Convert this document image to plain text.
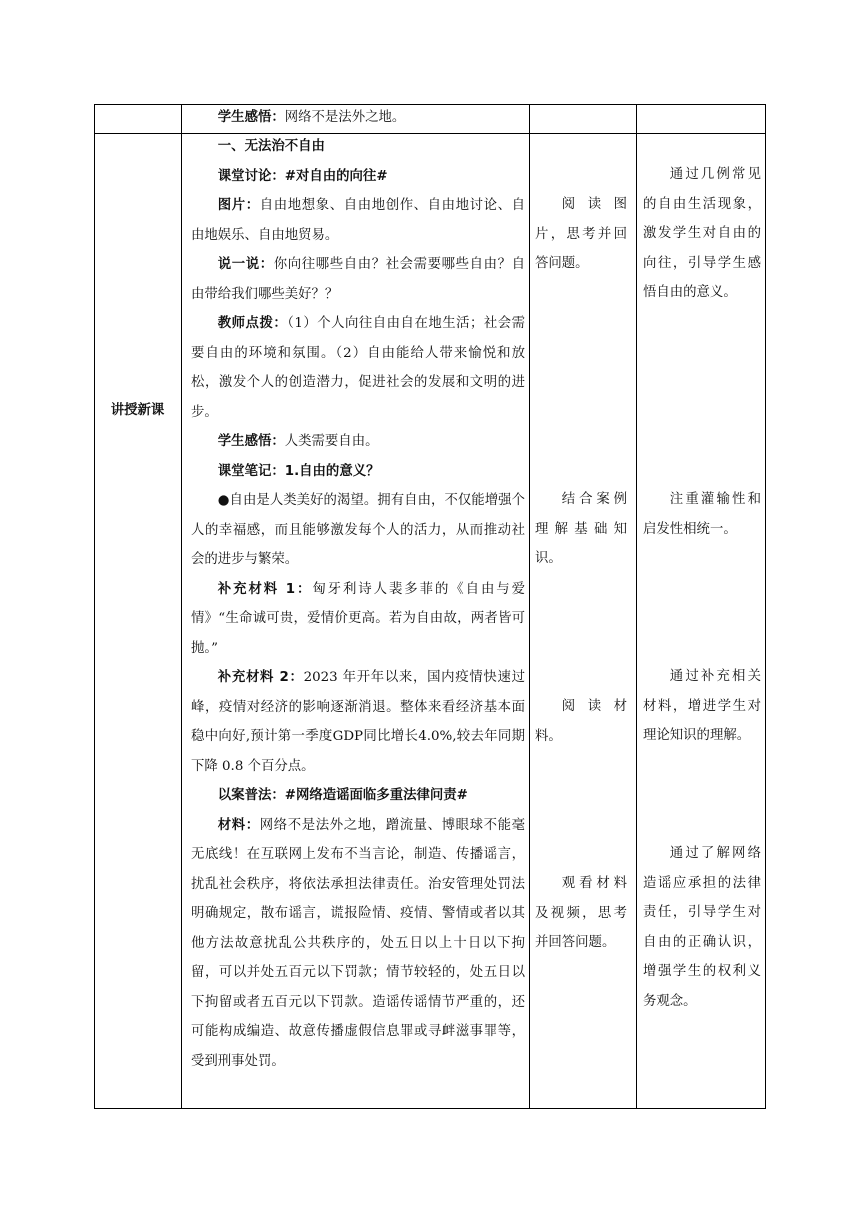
学生感悟：网络不是法外之地。

讲授新课

一、无法治不自由

课堂讨论：#对自由的向往#

图片：自由地想象、自由地创作、自由地讨论、自由地娱乐、自由地贸易。

说一说：你向往哪些自由？社会需要哪些自由？自由带给我们哪些美好？？

教师点拨：（1）个人向往自由自在地生活；社会需要自由的环境和氛围。（2）自由能给人带来愉悦和放松，激发个人的创造潜力，促进社会的发展和文明的进步。

学生感悟：人类需要自由。

课堂笔记：1.自由的意义？

●自由是人类美好的渴望。拥有自由，不仅能增强个人的幸福感，而且能够激发每个人的活力，从而推动社会的进步与繁荣。

补充材料 1：匈牙利诗人裴多菲的《自由与爱情》“生命诚可贵，爱情价更高。若为自由故，两者皆可抛。”

补充材料 2：2023 年开年以来，国内疫情快速过峰，疫情对经济的影响逐渐消退。整体来看经济基本面稳中向好,预计第一季度GDP同比增长4.0%,较去年同期下降 0.8 个百分点。

以案普法：#网络造谣面临多重法律问责#

材料：网络不是法外之地，蹭流量、博眼球不能毫无底线！在互联网上发布不当言论，制造、传播谣言，扰乱社会秩序，将依法承担法律责任。治安管理处罚法明确规定，散布谣言，谎报险情、疫情、警情或者以其他方法故意扰乱公共秩序的，处五日以上十日以下拘留，可以并处五百元以下罚款；情节较轻的，处五日以下拘留或者五百元以下罚款。造谣传谣情节严重的，还可能构成编造、故意传播虚假信息罪或寻衅滋事罪等，受到刑事处罚。

阅读图片，思考并回答问题。

结合案例理解基础知识。

阅读材料。

观看材料及视频，思考并回答问题。

通过几例常见的自由生活现象，激发学生对自由的向往，引导学生感悟自由的意义。

注重灌输性和启发性相统一。

通过补充相关材料，增进学生对理论知识的理解。

通过了解网络造谣应承担的法律责任，引导学生对自由的正确认识，增强学生的权利义务观念。
